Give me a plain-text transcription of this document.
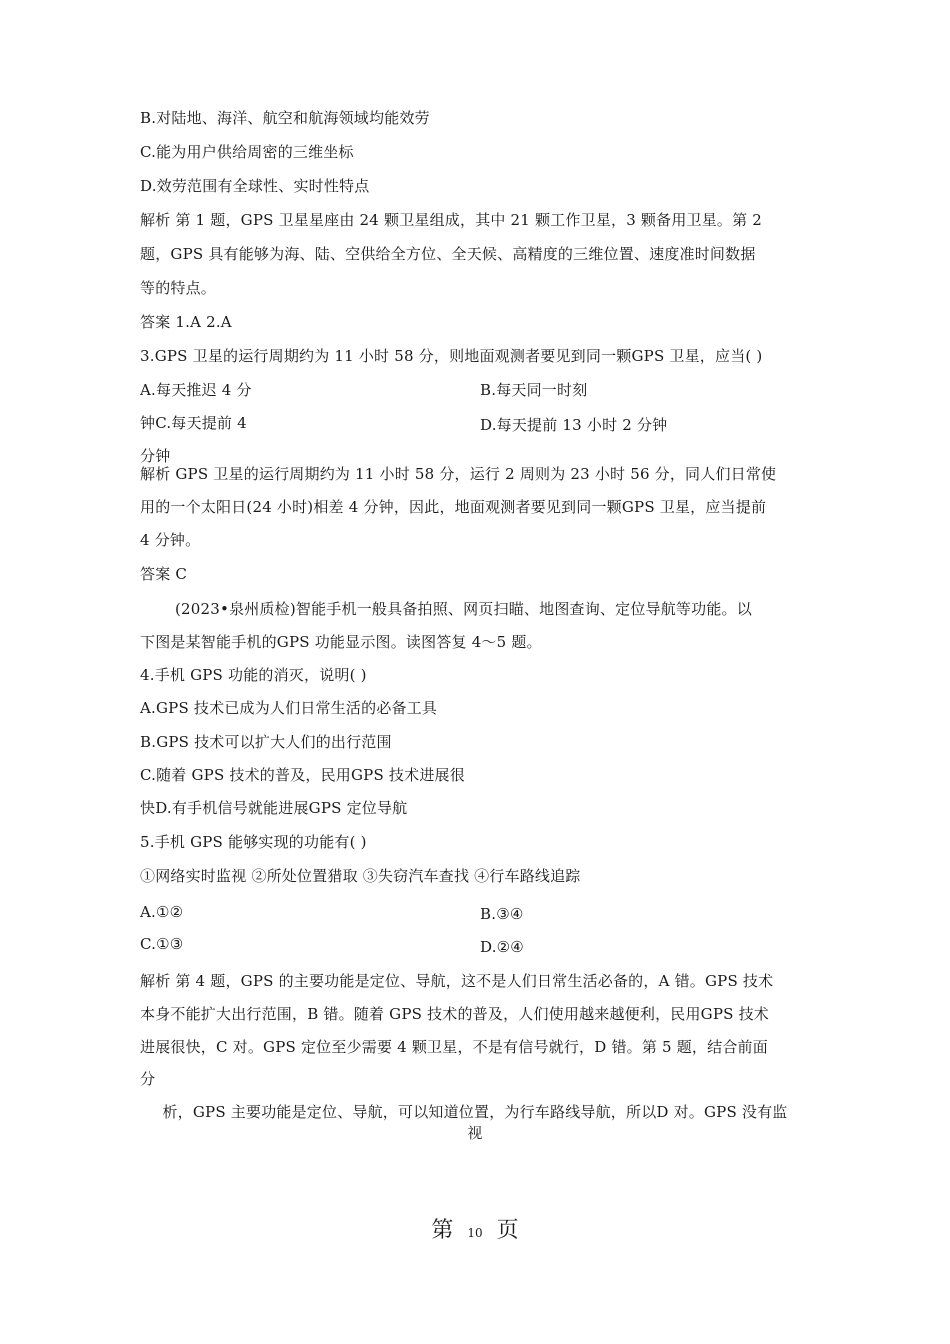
B.对陆地、海洋、航空和航海领域均能效劳
C.能为用户供给周密的三维坐标
D.效劳范围有全球性、实时性特点
解析 第 1 题，GPS 卫星星座由 24 颗卫星组成，其中 21 颗工作卫星，3 颗备用卫星。第 2
题，GPS 具有能够为海、陆、空供给全方位、全天候、高精度的三维位置、速度准时间数据
等的特点。
答案 1.A 2.A
3.GPS 卫星的运行周期约为 11 小时 58 分，则地面观测者要见到同一颗GPS 卫星，应当( )
A.每天推迟 4 分	B.每天同一时刻
钟C.每天提前 4	D.每天提前 13 小时 2 分钟
分钟
解析 GPS 卫星的运行周期约为 11 小时 58 分，运行 2 周则为 23 小时 56 分，同人们日常使
用的一个太阳日(24 小时)相差 4 分钟，因此，地面观测者要见到同一颗GPS 卫星，应当提前
4 分钟。
答案 C
(2023•泉州质检)智能手机一般具备拍照、网页扫瞄、地图查询、定位导航等功能。以
下图是某智能手机的GPS 功能显示图。读图答复 4～5 题。
4.手机 GPS 功能的消灭，说明( )
A.GPS 技术已成为人们日常生活的必备工具
B.GPS 技术可以扩大人们的出行范围
C.随着 GPS 技术的普及，民用GPS 技术进展很
快D.有手机信号就能进展GPS 定位导航
5.手机 GPS 能够实现的功能有( )
①网络实时监视 ②所处位置猎取 ③失窃汽车查找 ④行车路线追踪
A.①②	B.③④
C.①③	D.②④
解析 第 4 题，GPS 的主要功能是定位、导航，这不是人们日常生活必备的，A 错。GPS 技术
本身不能扩大出行范围，B 错。随着 GPS 技术的普及，人们使用越来越便利，民用GPS 技术
进展很快，C 对。GPS 定位至少需要 4 颗卫星，不是有信号就行，D 错。第 5 题，结合前面
分
析，GPS 主要功能是定位、导航，可以知道位置，为行车路线导航，所以D 对。GPS 没有监
视
第 10 页
